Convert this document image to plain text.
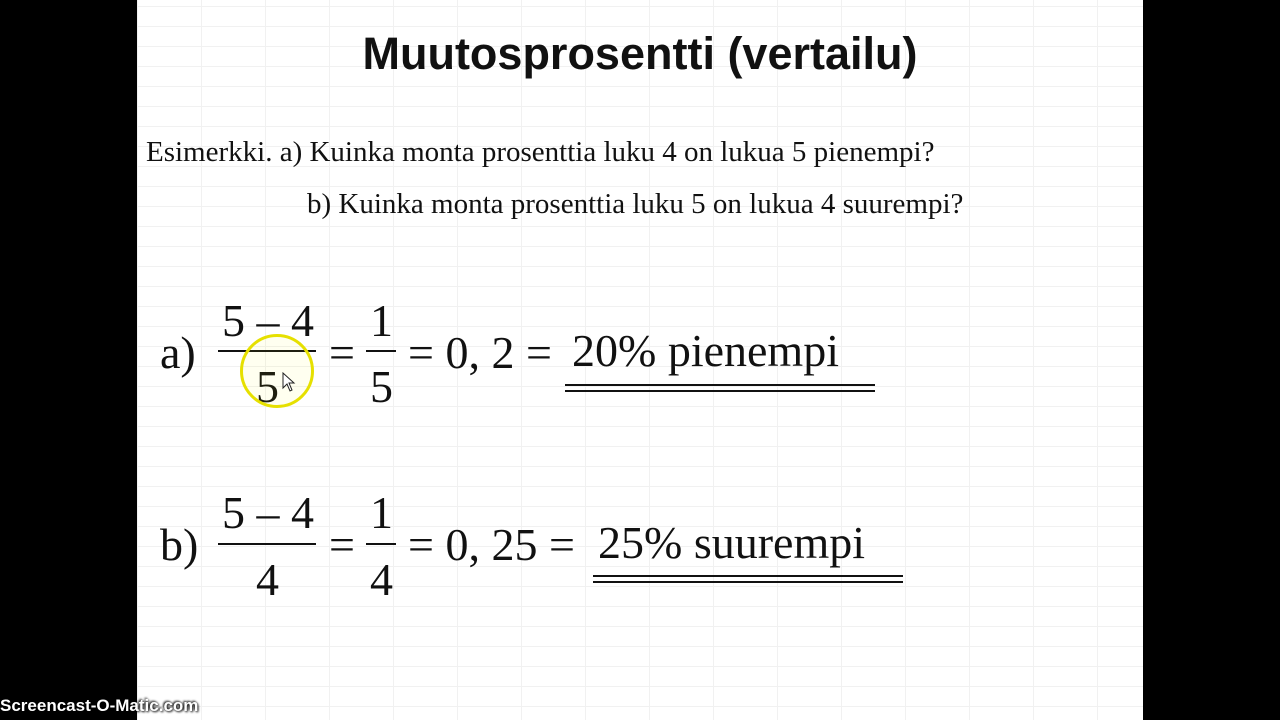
Muutosprosentti (vertailu)
Esimerkki. a) Kuinka monta prosenttia luku 4 on lukua 5 pienempi?
b) Kuinka monta prosenttia luku 5 on lukua 4 suurempi?
a)
5 – 4
5
=
1
5
= 0, 2 = 20% pienempi
b)
5 – 4
4
=
1
4
= 0, 25 = 25% suurempi
Screencast-O-Matic.com
